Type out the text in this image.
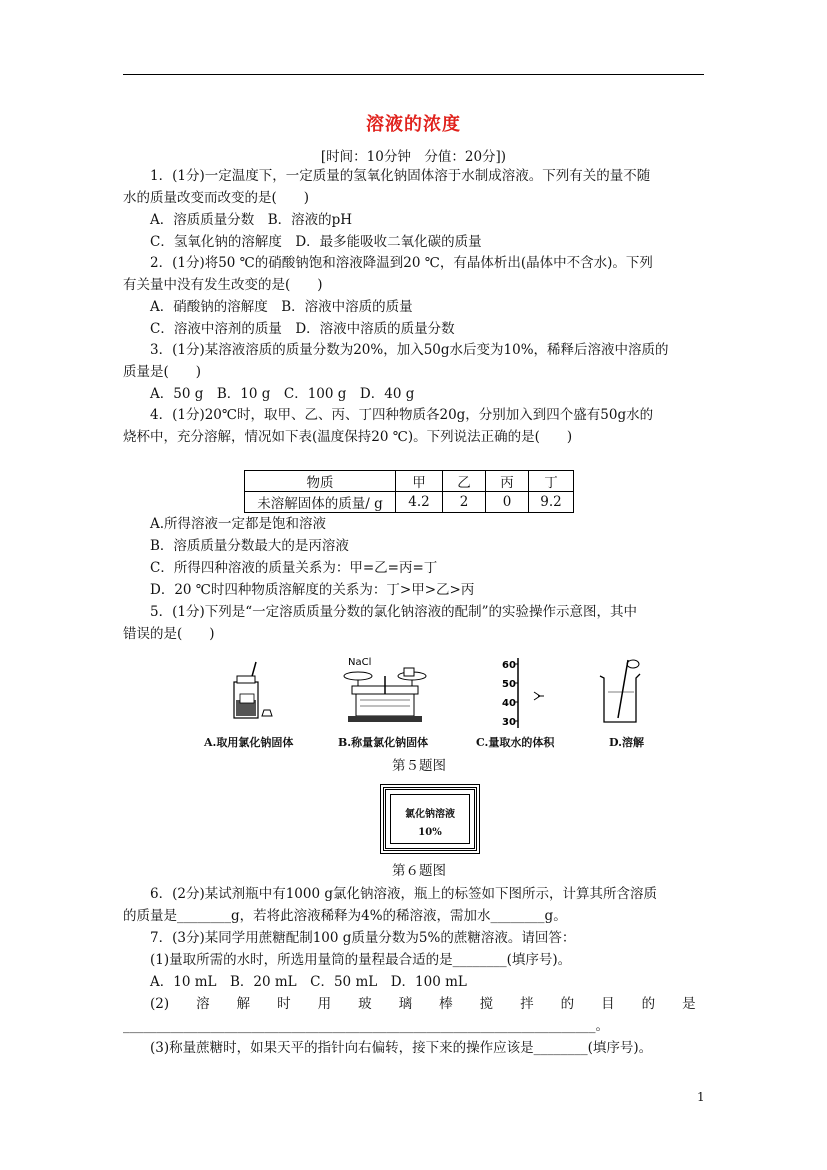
溶液的浓度
[时间：10分钟　分值：20分])
1．(1分)一定温度下，一定质量的氢氧化钠固体溶于水制成溶液。下列有关的量不随
水的质量改变而改变的是(　　)
A．溶质质量分数　B．溶液的pH
C．氢氧化钠的溶解度　D．最多能吸收二氧化碳的质量
2．(1分)将50 ℃的硝酸钠饱和溶液降温到20 ℃，有晶体析出(晶体中不含水)。下列
有关量中没有发生改变的是(　　)
A．硝酸钠的溶解度　B．溶液中溶质的质量
C．溶液中溶剂的质量　D．溶液中溶质的质量分数
3．(1分)某溶液溶质的质量分数为20%，加入50g水后变为10%，稀释后溶液中溶质的
质量是(　　)
A．50 g　B．10 g　C．100 g　D．40 g
4．(1分)20℃时，取甲、乙、丙、丁四种物质各20g，分别加入到四个盛有50g水的
烧杯中，充分溶解，情况如下表(温度保持20 ℃)。下列说法正确的是(　　)
物质	甲	乙	丙	丁
未溶解固体的质量/ g	4.2	2	0	9.2
A.所得溶液一定都是饱和溶液
B．溶质质量分数最大的是丙溶液
C．所得四种溶液的质量关系为：甲=乙=丙=丁
D．20 ℃时四种物质溶解度的关系为：丁>甲>乙>丙
5．(1分)下列是“一定溶质质量分数的氯化钠溶液的配制”的实验操作示意图，其中
错误的是(　　)
NaCl	60
50
40
30
A.取用氯化钠固体	B.称量氯化钠固体	C.量取水的体积	D.溶解
第５题图
氯化钠溶液
10%
第６题图
6．(2分)某试剂瓶中有1000 g氯化钠溶液，瓶上的标签如下图所示，计算其所含溶质
的质量是________g，若将此溶液稀释为4%的稀溶液，需加水________g。
7．(3分)某同学用蔗糖配制100 g质量分数为5%的蔗糖溶液。请回答：
(1)量取所需的水时，所选用量筒的量程最合适的是________(填序号)。
A．10 mL　B．20 mL　C．50 mL　D．100 mL
(2)　　溶　　解　　时　　用　　玻　　璃　　棒　　搅　　拌　　的　　目　　的　　是
______________________________________________________________________。
(3)称量蔗糖时，如果天平的指针向右偏转，接下来的操作应该是________(填序号)。
1
